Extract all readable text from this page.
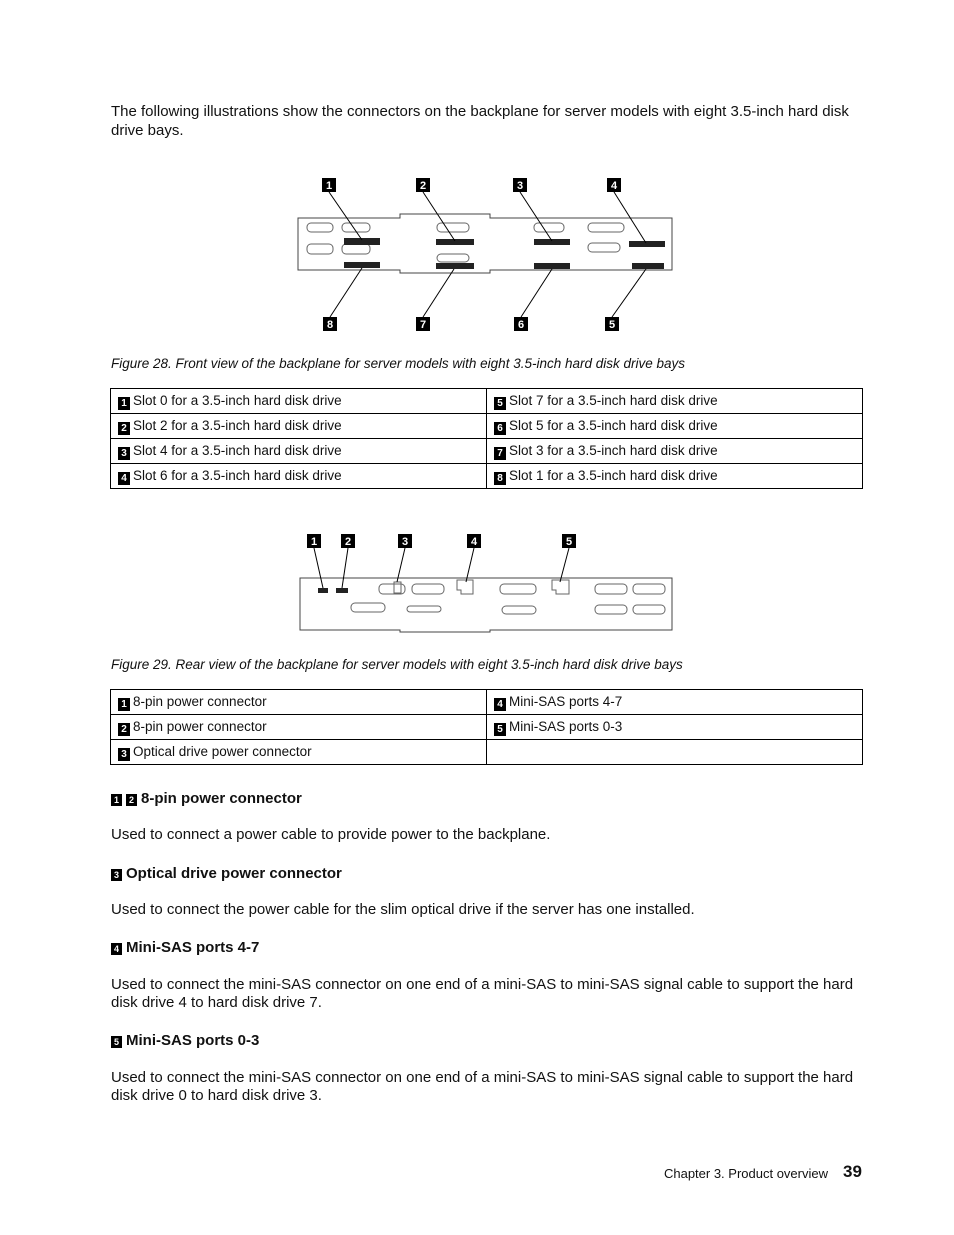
The following illustrations show the connectors on the backplane for server models with eight 3.5-inch hard disk drive bays.
1	2	3	4
8	7	6	5
Figure 28. Front view of the backplane for server models with eight 3.5-inch hard disk drive bays
1 Slot 0 for a 3.5-inch hard disk drive	5 Slot 7 for a 3.5-inch hard disk drive
2 Slot 2 for a 3.5-inch hard disk drive	6 Slot 5 for a 3.5-inch hard disk drive
3 Slot 4 for a 3.5-inch hard disk drive	7 Slot 3 for a 3.5-inch hard disk drive
4 Slot 6 for a 3.5-inch hard disk drive	8 Slot 1 for a 3.5-inch hard disk drive
1	2	3	4	5
Figure 29. Rear view of the backplane for server models with eight 3.5-inch hard disk drive bays
1 8-pin power connector	4 Mini-SAS ports 4-7
2 8-pin power connector	5 Mini-SAS ports 0-3
3 Optical drive power connector	
1 2 8-pin power connector
Used to connect a power cable to provide power to the backplane.
3 Optical drive power connector
Used to connect the power cable for the slim optical drive if the server has one installed.
4 Mini-SAS ports 4-7
Used to connect the mini-SAS connector on one end of a mini-SAS to mini-SAS signal cable to support the hard disk drive 4 to hard disk drive 7.
5 Mini-SAS ports 0-3
Used to connect the mini-SAS connector on one end of a mini-SAS to mini-SAS signal cable to support the hard disk drive 0 to hard disk drive 3.
Chapter 3. Product overview 39
